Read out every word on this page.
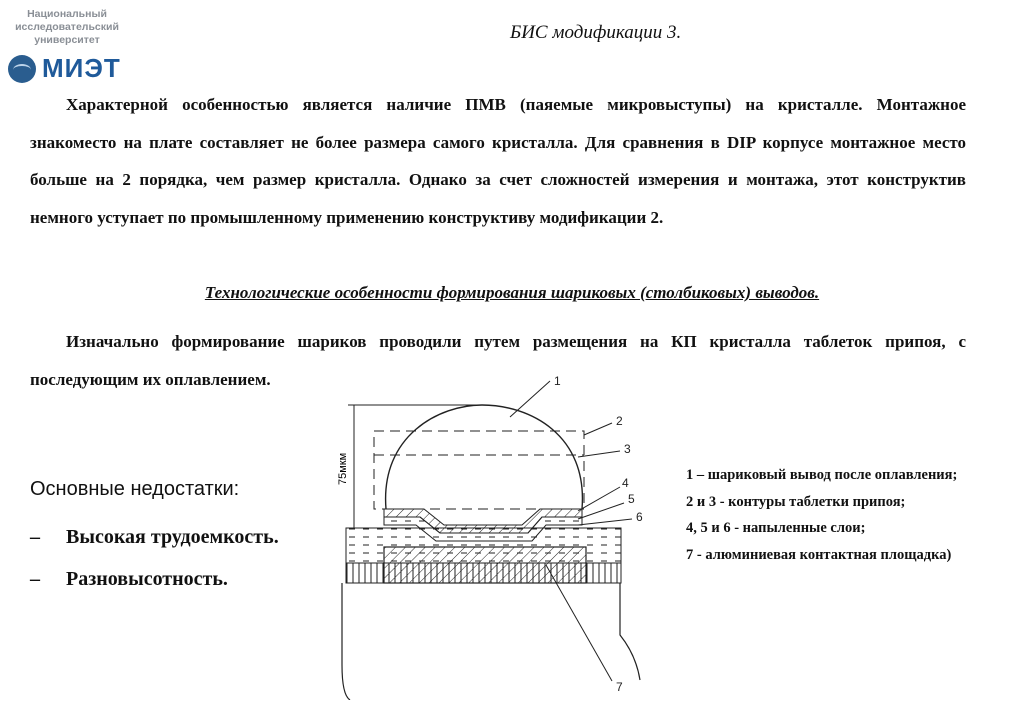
Национальный
исследовательский
университет
МИЭТ
БИС модификации 3.

Характерной особенностью является наличие ПМВ (паяемые микровыступы) на кристалле. Монтажное знакоместо на плате составляет не более размера самого кристалла. Для сравнения в DIP корпусе монтажное место больше на 2 порядка, чем размер кристалла. Однако за счет сложностей измерения и монтажа, этот конструктив немного уступает по промышленному применению конструктиву модификации 2.

Технологические особенности формирования шариковых (столбиковых) выводов.

Изначально формирование шариков проводили путем размещения на КП кристалла таблеток припоя, с последующим их оплавлением.

Основные недостатки:
– Высокая трудоемкость.
– Разновысотность.
75мкм
1
2
3
4
5
6
7

1 – шариковый вывод после оплавления;

2 и 3 - контуры таблетки припоя;

4, 5 и 6 - напыленные слои;

7 - алюминиевая контактная площадка)
